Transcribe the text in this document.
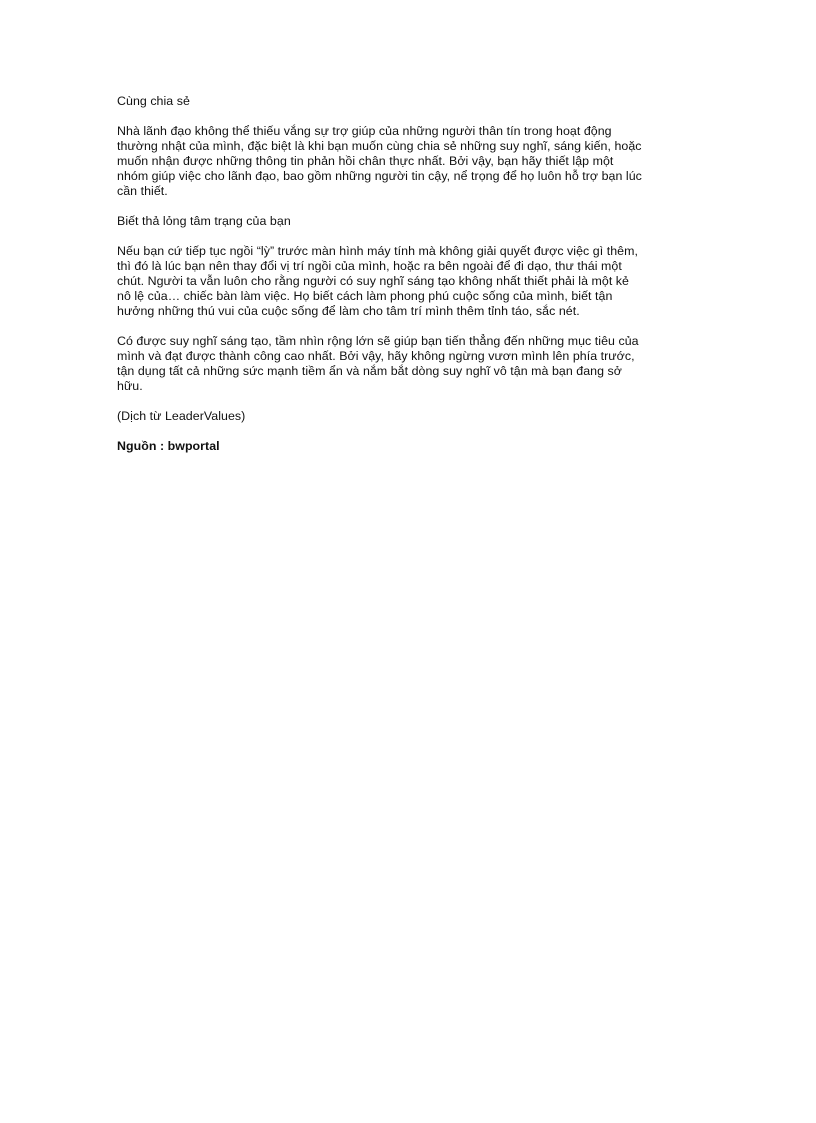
Cùng chia sẻ

Nhà lãnh đạo không thể thiếu vắng sự trợ giúp của những người thân tín trong hoạt động
thường nhật của mình, đặc biệt là khi bạn muốn cùng chia sẻ những suy nghĩ, sáng kiến, hoặc
muốn nhận được những thông tin phản hồi chân thực nhất. Bởi vậy, bạn hãy thiết lập một
nhóm giúp việc cho lãnh đạo, bao gồm những người tin cậy, nể trọng để họ luôn hỗ trợ bạn lúc
cần thiết.

Biết thả lỏng tâm trạng của bạn

Nếu bạn cứ tiếp tục ngồi “lỳ” trước màn hình máy tính mà không giải quyết được việc gì thêm,
thì đó là lúc bạn nên thay đổi vị trí ngồi của mình, hoặc ra bên ngoài để đi dạo, thư thái một
chút. Người ta vẫn luôn cho rằng người có suy nghĩ sáng tạo không nhất thiết phải là một kẻ
nô lệ của… chiếc bàn làm việc. Họ biết cách làm phong phú cuộc sống của mình, biết tận
hưởng những thú vui của cuộc sống để làm cho tâm trí mình thêm tỉnh táo, sắc nét.

Có được suy nghĩ sáng tạo, tầm nhìn rộng lớn sẽ giúp bạn tiến thẳng đến những mục tiêu của
mình và đạt được thành công cao nhất. Bởi vậy, hãy không ngừng vươn mình lên phía trước,
tận dụng tất cả những sức mạnh tiềm ẩn và nắm bắt dòng suy nghĩ vô tận mà bạn đang sở
hữu.

(Dịch từ LeaderValues)

Nguồn : bwportal
